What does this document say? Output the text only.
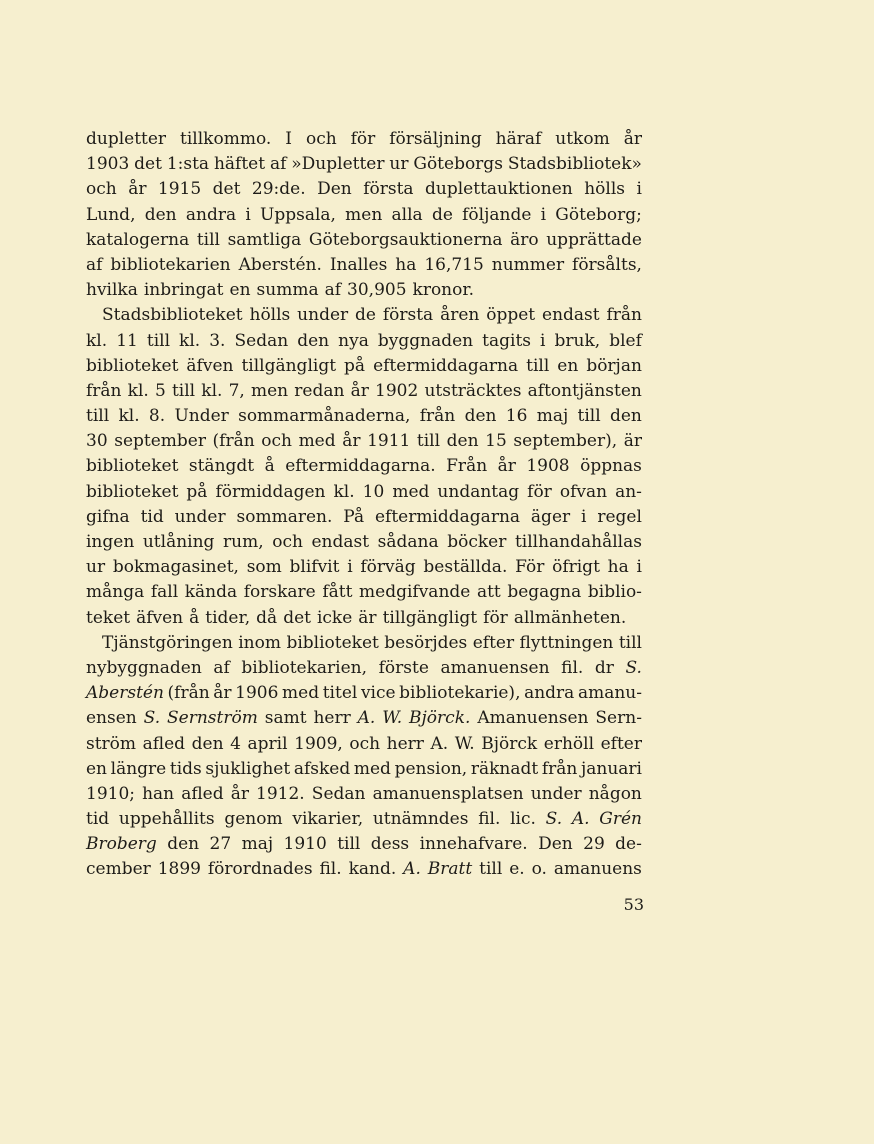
dupletter tillkommo. I och för försäljning häraf utkom år
1903 det 1:sta häftet af »Dupletter ur Göteborgs Stadsbibliotek»
och år 1915 det 29:de. Den första duplettauktionen hölls i
Lund, den andra i Uppsala, men alla de följande i Göteborg;
katalogerna till samtliga Göteborgsauktionerna äro upprättade
af bibliotekarien Aberstén. Inalles ha 16,715 nummer försålts,
hvilka inbringat en summa af 30,905 kronor.
Stadsbiblioteket hölls under de första åren öppet endast från
kl. 11 till kl. 3. Sedan den nya byggnaden tagits i bruk, blef
biblioteket äfven tillgängligt på eftermiddagarna till en början
från kl. 5 till kl. 7, men redan år 1902 utsträcktes aftontjänsten
till kl. 8. Under sommarmånaderna, från den 16 maj till den
30 september (från och med år 1911 till den 15 september), är
biblioteket stängdt å eftermiddagarna. Från år 1908 öppnas
biblioteket på förmiddagen kl. 10 med undantag för ofvan an-
gifna tid under sommaren. På eftermiddagarna äger i regel
ingen utlåning rum, och endast sådana böcker tillhandahållas
ur bokmagasinet, som blifvit i förväg beställda. För öfrigt ha i
många fall kända forskare fått medgifvande att begagna biblio-
teket äfven å tider, då det icke är tillgängligt för allmänheten.
Tjänstgöringen inom biblioteket besörjdes efter flyttningen till
nybyggnaden af bibliotekarien, förste amanuensen fil. dr S.
Aberstén (från år 1906 med titel vice bibliotekarie), andra amanu-
ensen S. Sernström samt herr A. W. Björck. Amanuensen Sern-
ström afled den 4 april 1909, och herr A. W. Björck erhöll efter
en längre tids sjuklighet afsked med pension, räknadt från januari
1910; han afled år 1912. Sedan amanuensplatsen under någon
tid uppehållits genom vikarier, utnämndes fil. lic. S. A. Grén
Broberg den 27 maj 1910 till dess innehafvare. Den 29 de-
cember 1899 förordnades fil. kand. A. Bratt till e. o. amanuens
53
